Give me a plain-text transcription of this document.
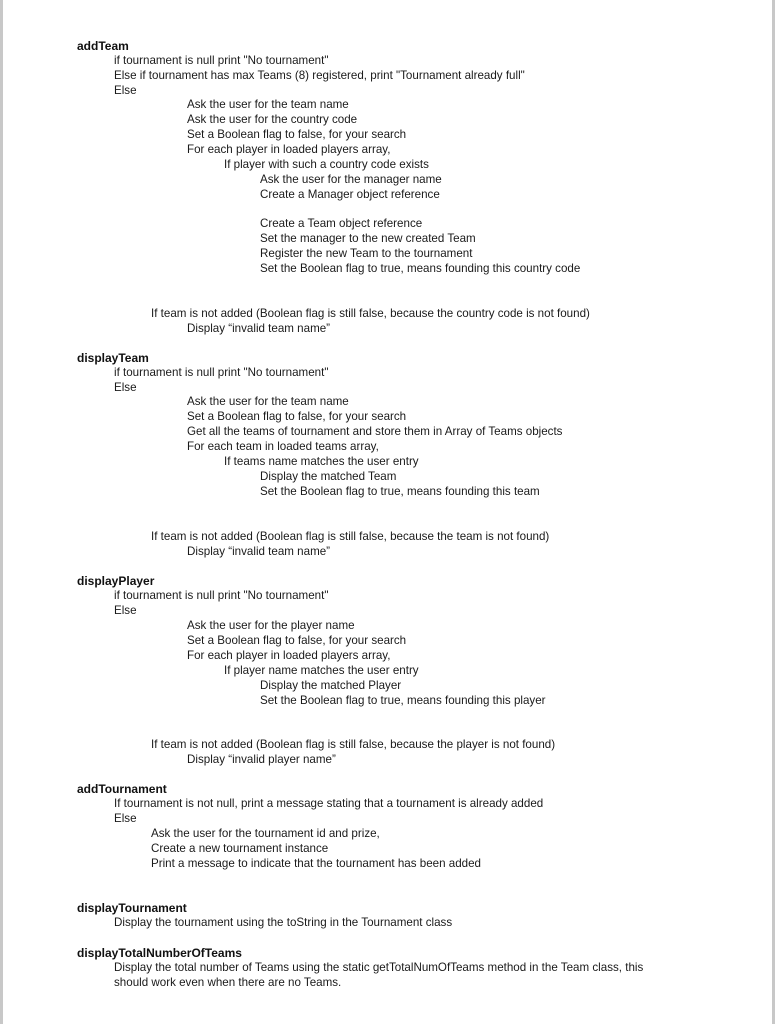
addTeam
if tournament is null print "No tournament"
Else if tournament has max Teams (8) registered, print "Tournament already full"
Else
Ask the user for the team name
Ask the user for the country code
Set a Boolean flag to false, for your search
For each player in loaded players array,
If player with such a country code exists
Ask the user for the manager name
Create a Manager object reference
Create a Team object reference
Set the manager to the new created Team
Register the new Team to the tournament
Set the Boolean flag to true, means founding this country code
If team is not added (Boolean flag is still false, because the country code is not found)
Display “invalid team name”
displayTeam
if tournament is null print "No tournament"
Else
Ask the user for the team name
Set a Boolean flag to false, for your search
Get all the teams of tournament and store them in Array of Teams objects
For each team in loaded teams array,
If teams name matches the user entry
Display the matched Team
Set the Boolean flag to true, means founding this team
If team is not added (Boolean flag is still false, because the team is not found)
Display “invalid team name”
displayPlayer
if tournament is null print "No tournament"
Else
Ask the user for the player name
Set a Boolean flag to false, for your search
For each player in loaded players array,
If player name matches the user entry
Display the matched Player
Set the Boolean flag to true, means founding this player
If team is not added (Boolean flag is still false, because the player is not found)
Display “invalid player name”
addTournament
If tournament is not null, print a message stating that a tournament is already added
Else
Ask the user for the tournament id and prize,
Create a new tournament instance
Print a message to indicate that the tournament has been added
displayTournament
Display the tournament using the toString in the Tournament class
displayTotalNumberOfTeams
Display the total number of Teams using the static getTotalNumOfTeams method in the Team class, this
should work even when there are no Teams.
